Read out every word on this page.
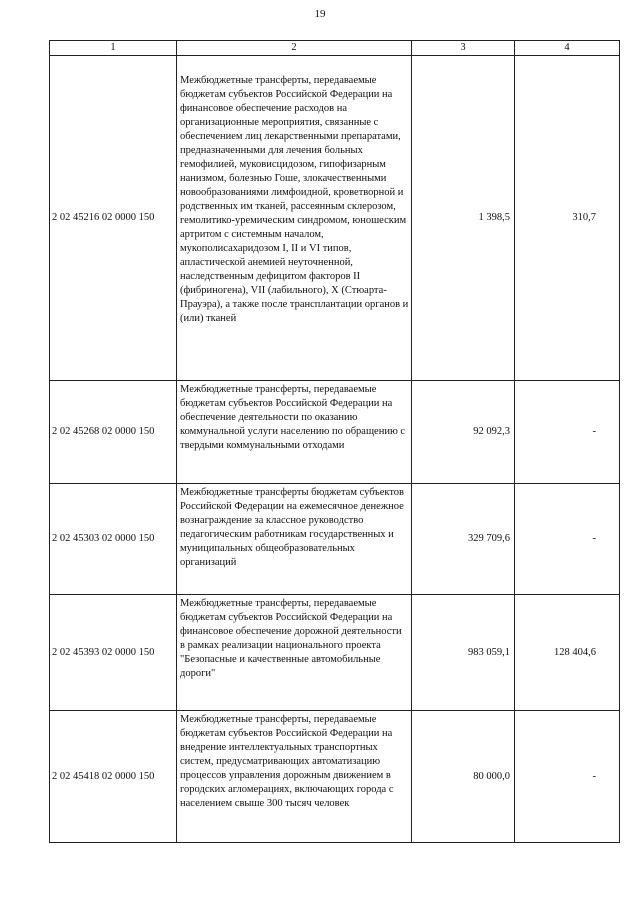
19
1	2	3	4
2 02 45216 02 0000 150	Межбюджетные трансферты, передаваемые бюджетам субъектов Российской Федерации на финансовое обеспечение расходов на организационные мероприятия, связанные с обеспечением лиц лекарственными препаратами, предназначенными для лечения больных гемофилией, муковисцидозом, гипофизарным нанизмом, болезнью Гоше, злокачественными новообразованиями лимфоидной, кроветворной и родственных им тканей, рассеянным склерозом, гемолитико-уремическим синдромом, юношеским артритом с системным началом, мукополисахаридозом I, II и VI типов, апластической анемией неуточненной, наследственным дефицитом факторов II (фибриногена), VII (лабильного), X (Стюарта-Прауэра), а также после трансплантации органов и (или) тканей	1 398,5	310,7
2 02 45268 02 0000 150	Межбюджетные трансферты, передаваемые бюджетам субъектов Российской Федерации на обеспечение деятельности по оказанию коммунальной услуги населению по обращению с твердыми коммунальными отходами	92 092,3	-
2 02 45303 02 0000 150	Межбюджетные трансферты бюджетам субъектов Российской Федерации на ежемесячное денежное вознаграждение за классное руководство педагогическим работникам государственных и муниципальных общеобразовательных организаций	329 709,6	-
2 02 45393 02 0000 150	Межбюджетные трансферты, передаваемые бюджетам субъектов Российской Федерации на финансовое обеспечение дорожной деятельности в рамках реализации национального проекта "Безопасные и качественные автомобильные дороги"	983 059,1	128 404,6
2 02 45418 02 0000 150	Межбюджетные трансферты, передаваемые бюджетам субъектов Российской Федерации на внедрение интеллектуальных транспортных систем, предусматривающих автоматизацию процессов управления дорожным движением в городских агломерациях, включающих города с населением свыше 300 тысяч человек	80 000,0	-
